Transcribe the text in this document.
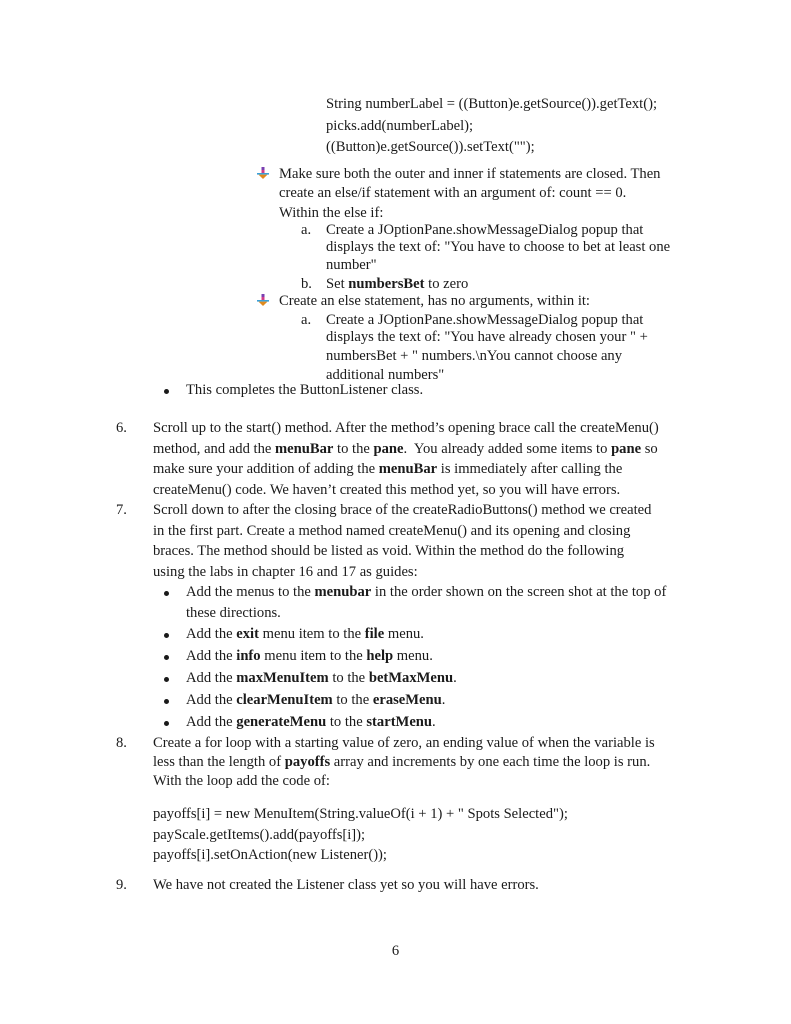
String numberLabel = ((Button)e.getSource()).getText();
picks.add(numberLabel);
((Button)e.getSource()).setText("");
Make sure both the outer and inner if statements are closed. Then
create an else/if statement with an argument of: count == 0.
Within the else if:
a. Create a JOptionPane.showMessageDialog popup that
displays the text of: "You have to choose to bet at least one
number"
b. Set numbersBet to zero
Create an else statement, has no arguments, within it:
a. Create a JOptionPane.showMessageDialog popup that
displays the text of: "You have already chosen your " +
numbersBet + " numbers.\nYou cannot choose any
additional numbers"
This completes the ButtonListener class.
6. Scroll up to the start() method. After the method’s opening brace call the createMenu()
method, and add the menuBar to the pane.  You already added some items to pane so
make sure your addition of adding the menuBar is immediately after calling the
createMenu() code. We haven’t created this method yet, so you will have errors.
7. Scroll down to after the closing brace of the createRadioButtons() method we created
in the first part. Create a method named createMenu() and its opening and closing
braces. The method should be listed as void. Within the method do the following
using the labs in chapter 16 and 17 as guides:
Add the menus to the menubar in the order shown on the screen shot at the top of
these directions.
Add the exit menu item to the file menu.
Add the info menu item to the help menu.
Add the maxMenuItem to the betMaxMenu.
Add the clearMenuItem to the eraseMenu.
Add the generateMenu to the startMenu.
8. Create a for loop with a starting value of zero, an ending value of when the variable is
less than the length of payoffs array and increments by one each time the loop is run.
With the loop add the code of:
payoffs[i] = new MenuItem(String.valueOf(i + 1) + " Spots Selected");
payScale.getItems().add(payoffs[i]);
payoffs[i].setOnAction(new Listener());
9. We have not created the Listener class yet so you will have errors.
6
